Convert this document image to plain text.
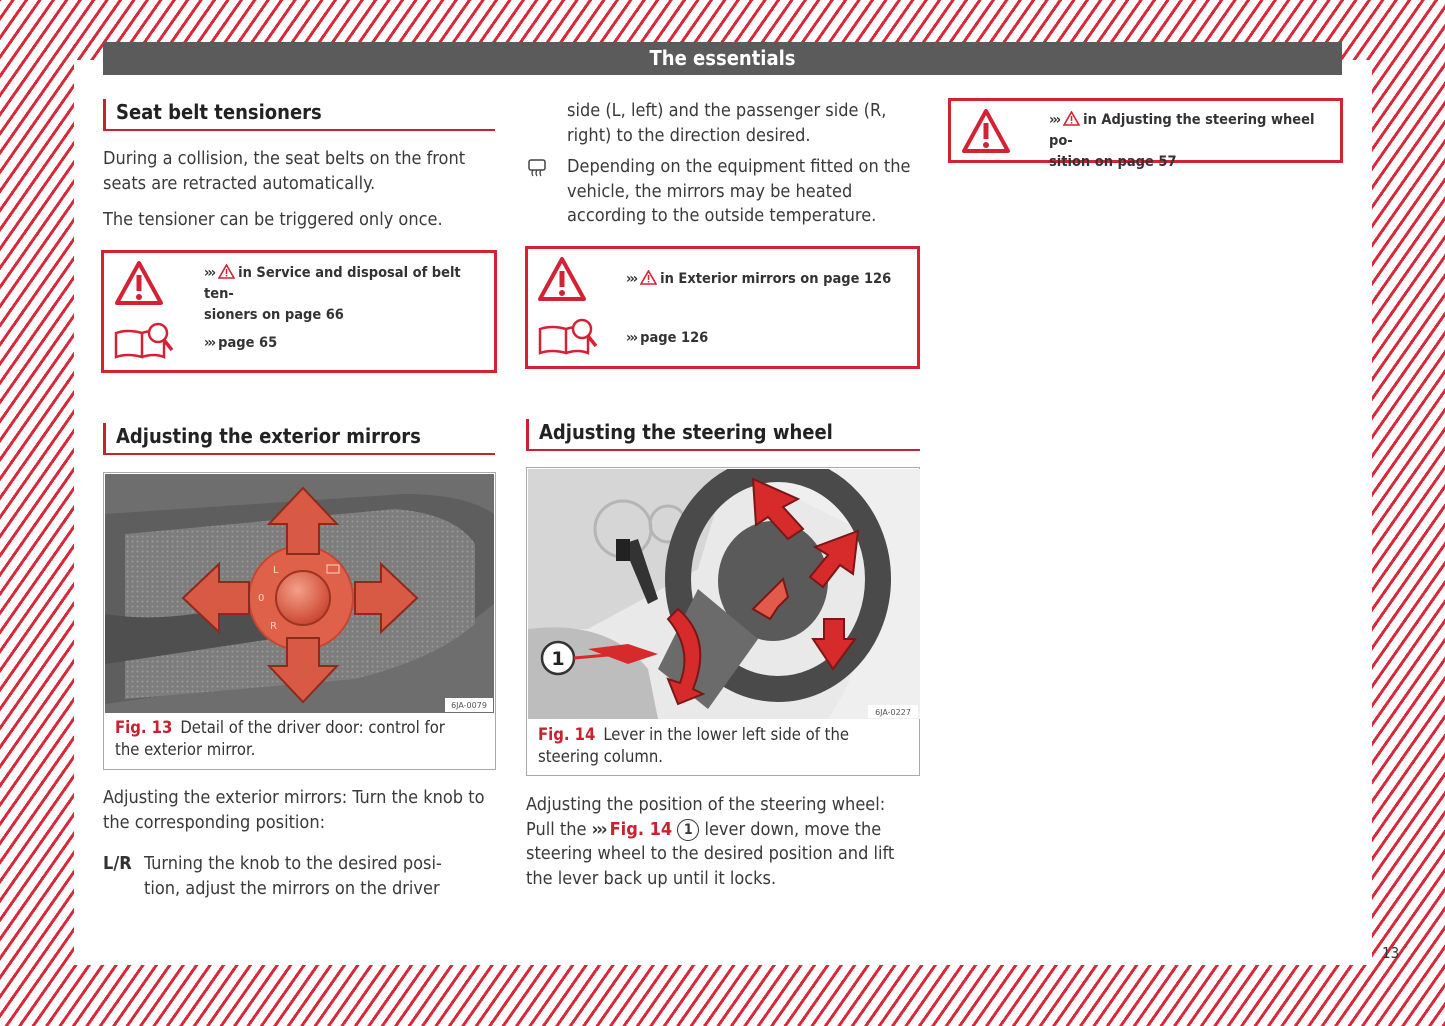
The essentials
Seat belt tensioners

During a collision, the seat belts on the front seats are retracted automatically.

The tensioner can be triggered only once.

››› in Service and disposal of belt ten-
sioners on page 66
››› page 65
Adjusting the exterior mirrors
6JA-0079
L
0
R
Fig. 13 Detail of the driver door: control for
the exterior mirror.

Adjusting the exterior mirrors: Turn the knob to the corresponding position:

L/R Turning the knob to the desired posi-
tion, adjust the mirrors on the driver

side (L, left) and the passenger side (R,

right) to the direction desired.

Depending on the equipment fitted on the vehicle, the mirrors may be heated according to the outside temperature.

››› in Exterior mirrors on page 126
››› page 126
Adjusting the steering wheel
1
6JA-0227
Fig. 14 Lever in the lower left side of the
steering column.

Adjusting the position of the steering wheel:

Pull the ››› Fig. 14 1 lever down, move the

steering wheel to the desired position and lift

the lever back up until it locks.

››› in Adjusting the steering wheel po-
sition on page 57
13
